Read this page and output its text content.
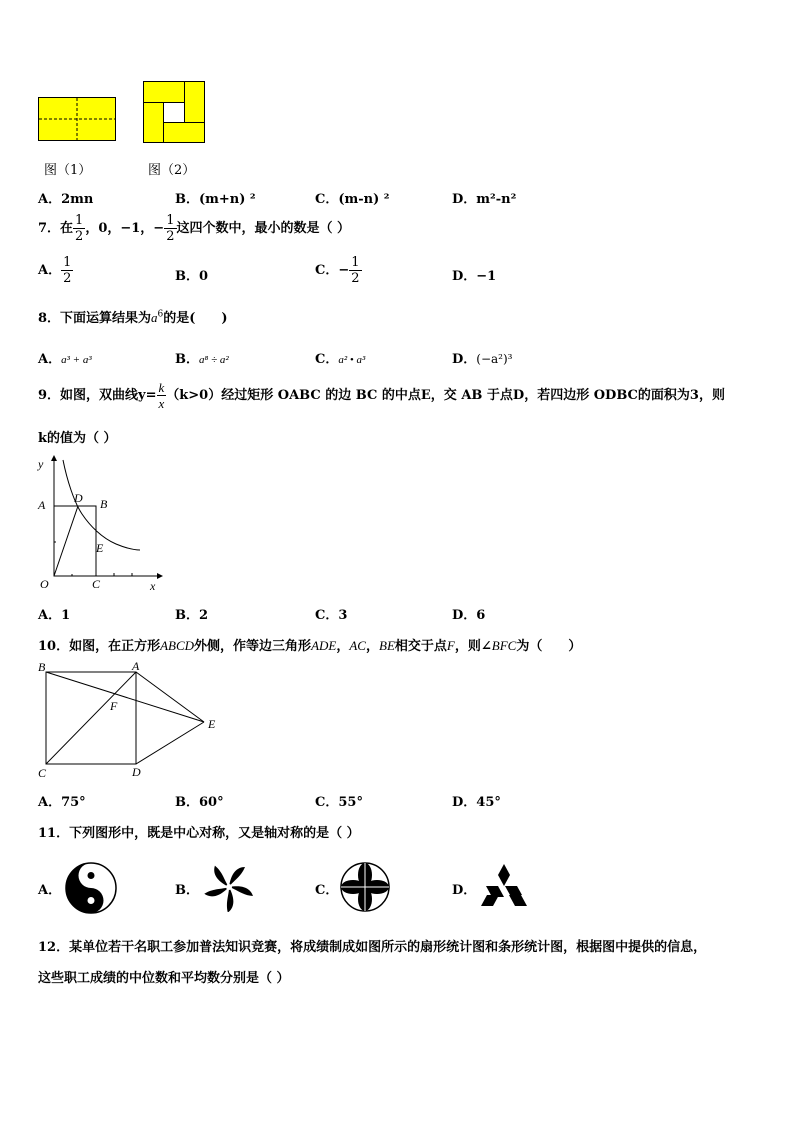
图（1）	图（2）
A．2mn	B．(m+n) ²	C．(m-n) ²	D．m²-n²
7．在 $\frac{1}{2}$ ，0，−1，− $\frac{1}{2}$ 这四个数中，最小的数是（ ）
A． $\frac{1}{2}$	B．0	C．− $\frac{1}{2}$	D．−1
8．下面运算结果为$a^6$的是(　　)
A．a³ + a³	B．a⁸ ÷ a²	C．a² • a³	D．(−a²)³
9．如图，双曲线$y= \frac{k}{x} (k>0)$经过矩形 OABC 的边 BC 的中点E，交 AB 于点D，若四边形 ODBC的面积为3，则
k的值为（ ）
y
x
O
A D B
E
C
A．1	B．2	C．3	D．6
10．如图，在正方形ABCD外侧，作等边三角形ADE，AC，BE相交于点F，则∠BFC为（　　）
B	A
C	D
E
F
A．75°	B．60°	C．55°	D．45°
11．下列图形中，既是中心对称，又是轴对称的是（ ）
A．	B．	C．	D．
12．某单位若干名职工参加普法知识竞赛，将成绩制成如图所示的扇形统计图和条形统计图，根据图中提供的信息，
这些职工成绩的中位数和平均数分别是（ ）
